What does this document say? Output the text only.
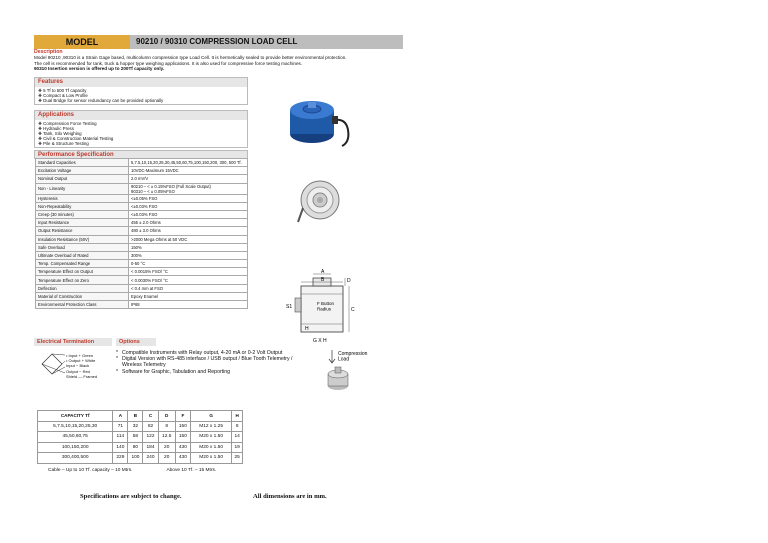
MODEL	90210 / 90310 COMPRESSION LOAD CELL
Description
Model 90210 ,90310 is a Strain Gage based, multicolumn compression type Load Cell. It is hermetically sealed to provide better environmental protection.
The cell is recommended for tank, truck & hopper type weighing applications. It is also used for compressive force testing machines.
90310 Insertion version is offered up to 200Tf capacity only.
Features
❖ 5 Tf to 500 Tf capacity
❖ Compact & Low Profile
❖ Dual Bridge for sensor redundancy can be provided optionally
Applications
❖ Compression Force Testing
❖ Hydraulic Press
❖ Tank, Silo Weighing
❖ Civil & Construction Material Testing
❖ Pile & Structure Testing
Performance Specification
Standard Capacities	5,7.5,10,15,20,25,30,45,50,60,75,100,150,200, 300, 500 Tf.
Excitation Voltage	10VDC-Maximum 15VDC
Nominal Output	2.0 mV/V
Non - Linearity	90210 – < ± 0.15%FSO (Full Scale Output)
90310 – < ± 0.05%FSO
Hysteresis	<±0.05% FSO
Non-Repeatability	<±0.03% FSO
Creep (30 minutes)	<±0.03% FSO
Input Resistance	455 ± 2.0 Ohms
Output Resistance	480 ± 3.0 Ohms
Insulation Resistance (50V)	>2000 Mega Ohms at 50 VDC
Safe Overload	150%
Ultimate Overload of Rated	300%
Temp. Compensated Range	0-50 °C
Temperature Effect on Output	< 0.0015% FSO/ °C
Temperature Effect on Zero	< 0.0030% FSO/ °C
Deflection	< 0.4 mm at FSO
Material of Construction	Epoxy Enamel
Environmental Protection Class	IP68
Electrical Termination	Options
• Input + Green
• Output + White
Input − Black
Output − Red
Shield — Framed
* Compatible Instruments with Relay output, 4-20 mA or 0-2 Volt Output
* Digital Version with RS-485 interface / USB output / Blue Tooth Telemetry / Wireless Telemetry
* Software for Graphic, Tabulation and Reporting
CAPACITY Tf	A	B	C	D	F	G	H
5,7.5,10,15,20,25,30	71	32	82	8	150	M12 x 1.25	8
45,50,60,75	114	58	122	12.5	150	M20 x 1.50	14
100,150,200	140	80	184	20	430	M20 x 1.50	19
300,400,500	229	100	240	20	430	M20 x 1.50	25
Cable – Up to 10 Tf. capacity – 10 Mtrs.	Above 10 Tf. – 15 Mtrs.
Specifications are subject to change.	All dimensions are in mm.
A
B	D
C
S1
F Button Radius
H
G X H
Compression Load
